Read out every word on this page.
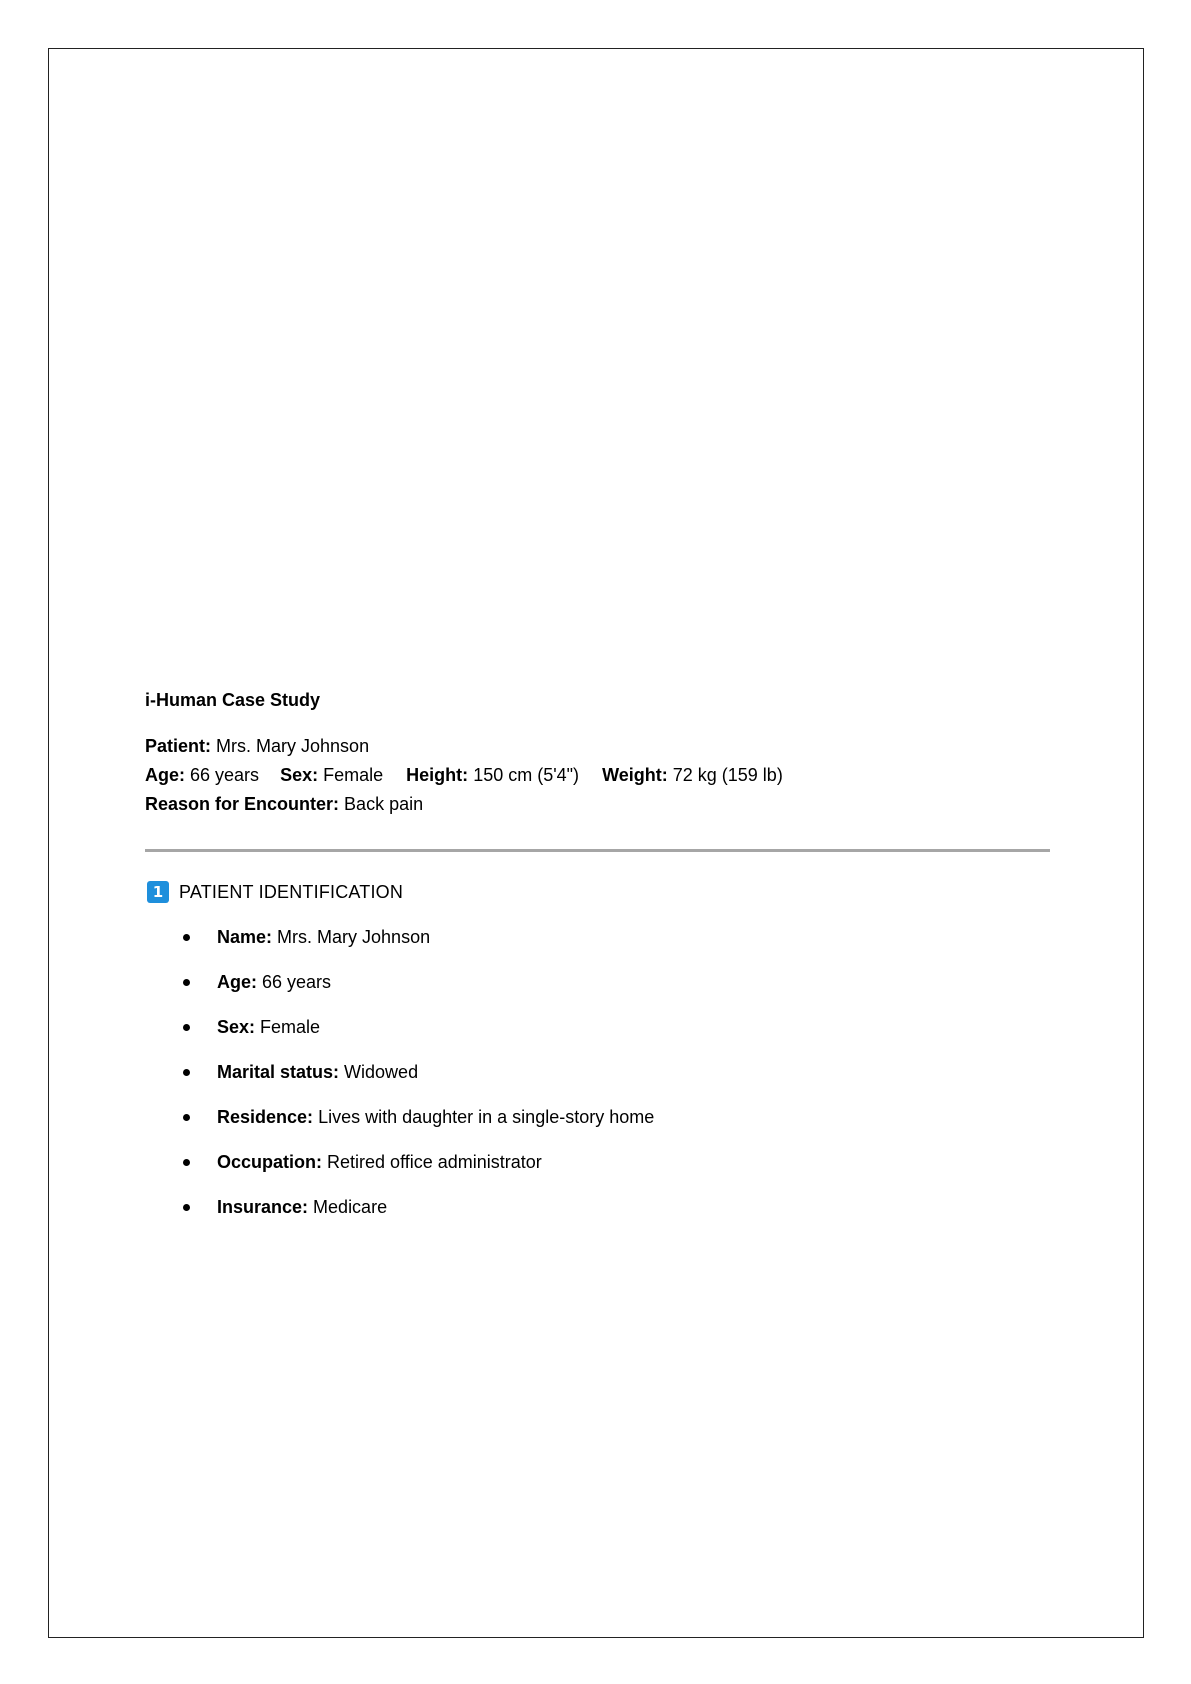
i-Human Case Study
Patient: Mrs. Mary Johnson
Age: 66 years Sex: Female Height: 150 cm (5'4") Weight: 72 kg (159 lb)
Reason for Encounter: Back pain
1 PATIENT IDENTIFICATION
Name: Mrs. Mary Johnson
Age: 66 years
Sex: Female
Marital status: Widowed
Residence: Lives with daughter in a single-story home
Occupation: Retired office administrator
Insurance: Medicare
